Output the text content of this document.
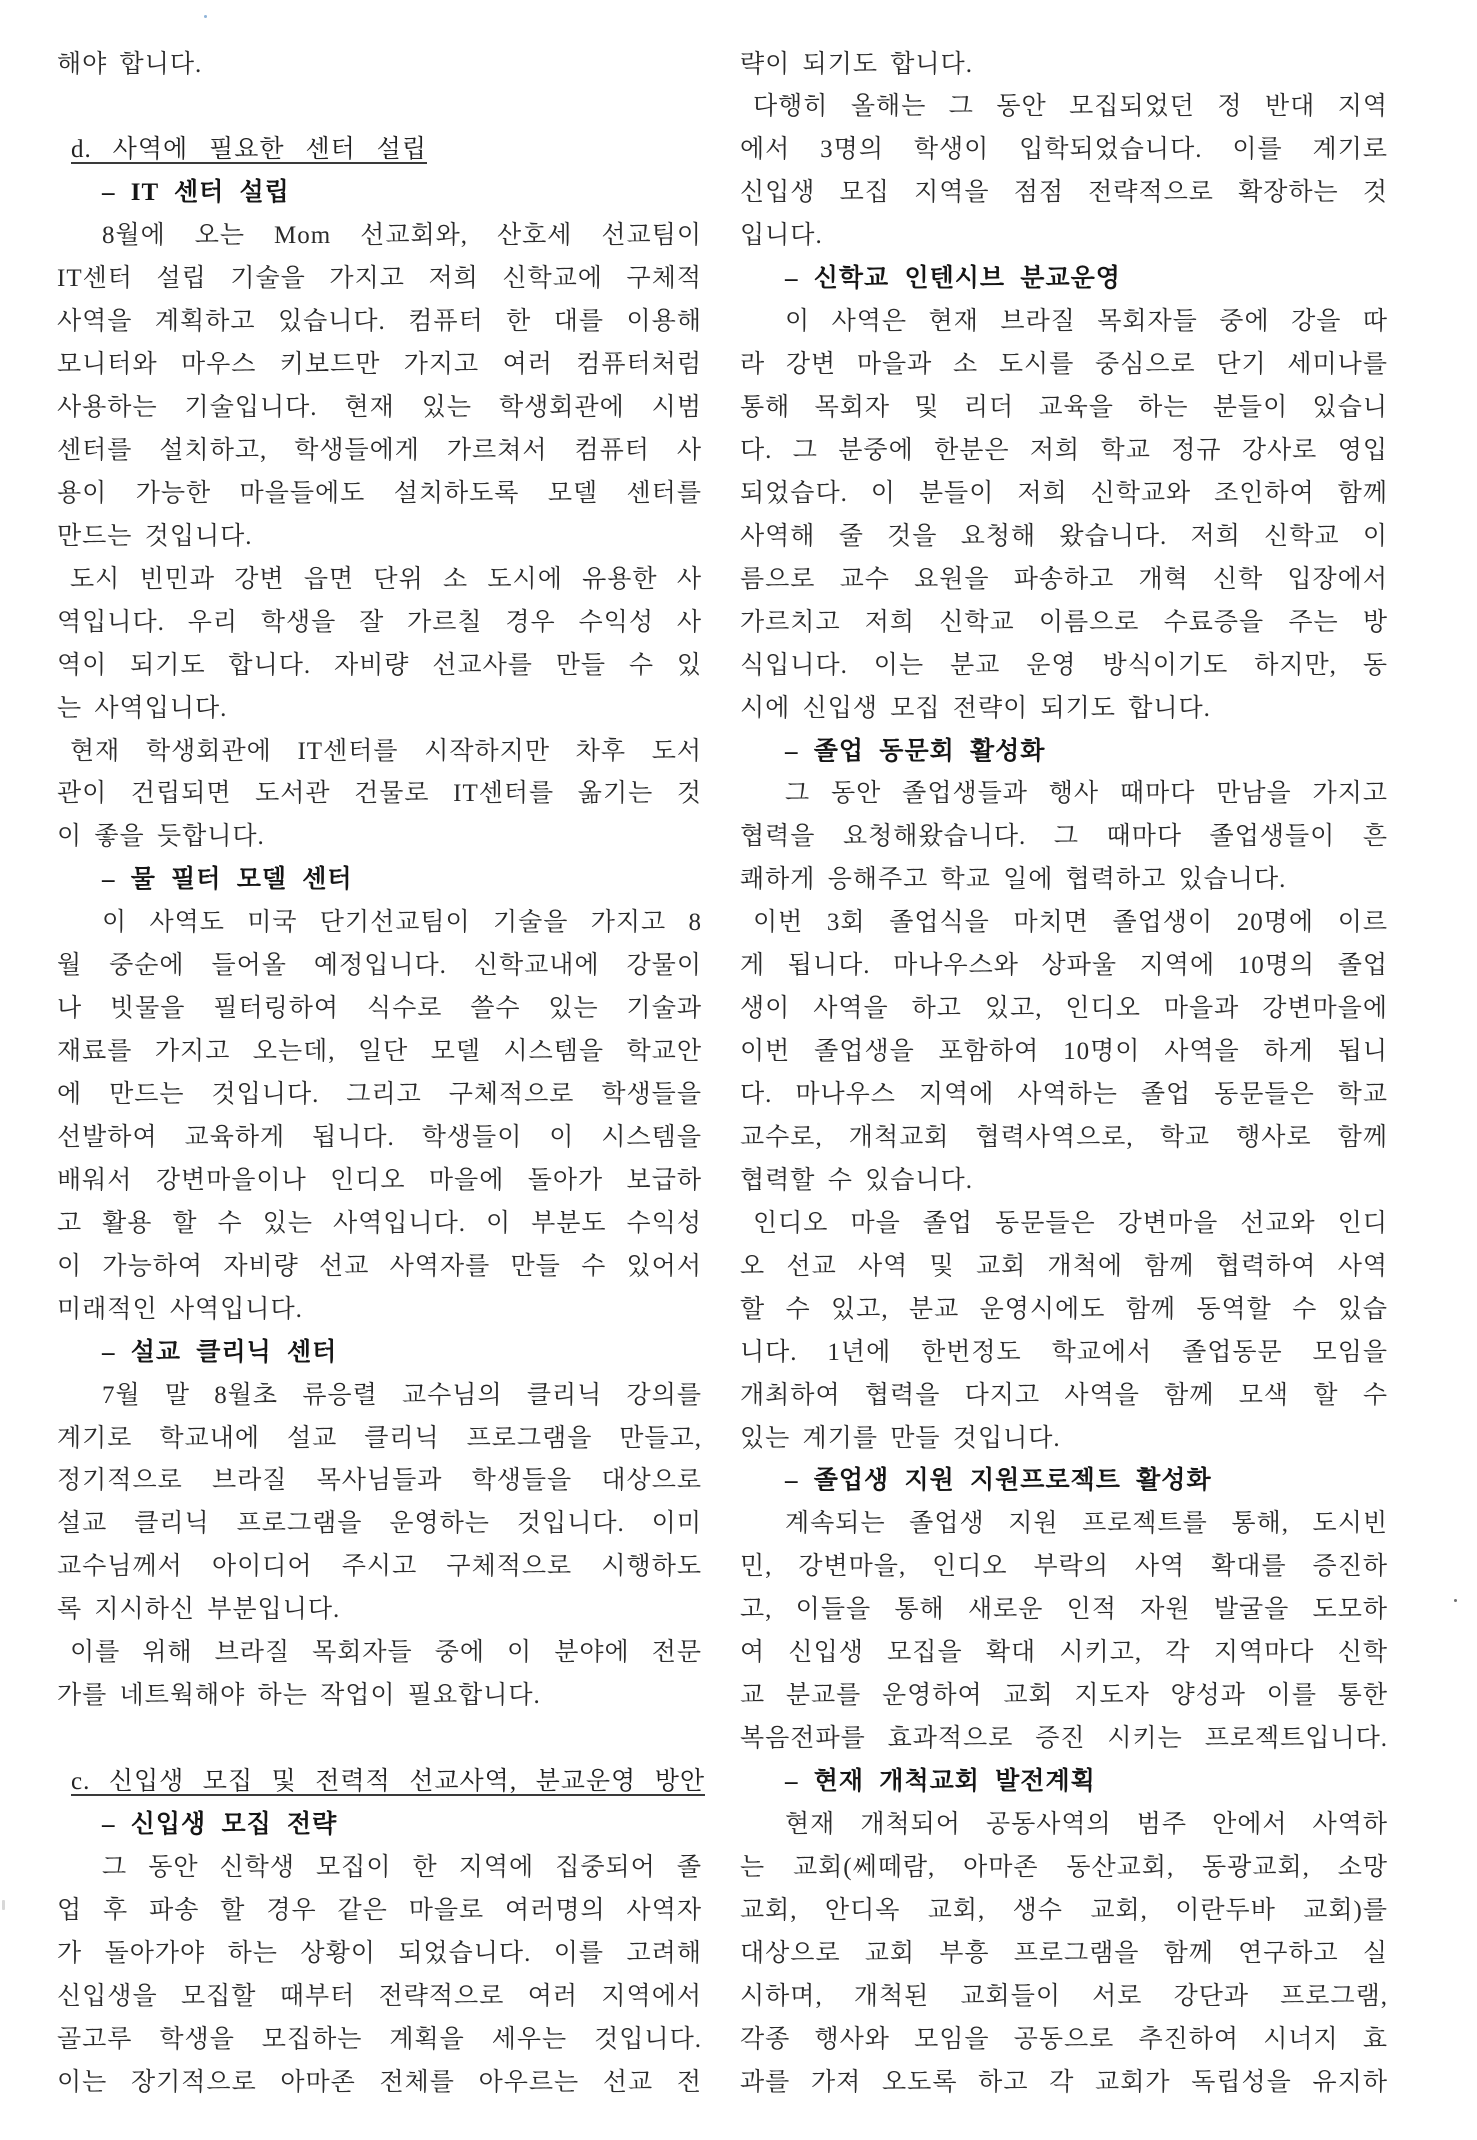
해야 합니다.
d. 사역에 필요한 센터 설립
– IT 센터 설립
8월에 오는 Mom 선교회와, 산호세 선교팀이
IT센터 설립 기술을 가지고 저희 신학교에 구체적
사역을 계획하고 있습니다. 컴퓨터 한 대를 이용해
모니터와 마우스 키보드만 가지고 여러 컴퓨터처럼
사용하는 기술입니다. 현재 있는 학생회관에 시범
센터를 설치하고, 학생들에게 가르쳐서 컴퓨터 사
용이 가능한 마을들에도 설치하도록 모델 센터를
만드는 것입니다.
도시 빈민과 강변 읍면 단위 소 도시에 유용한 사
역입니다. 우리 학생을 잘 가르칠 경우 수익성 사
역이 되기도 합니다. 자비량 선교사를 만들 수 있
는 사역입니다.
현재 학생회관에 IT센터를 시작하지만 차후 도서
관이 건립되면 도서관 건물로 IT센터를 옮기는 것
이 좋을 듯합니다.
– 물 필터 모델 센터
이 사역도 미국 단기선교팀이 기술을 가지고 8
월 중순에 들어올 예정입니다. 신학교내에 강물이
나 빗물을 필터링하여 식수로 쓸수 있는 기술과
재료를 가지고 오는데, 일단 모델 시스템을 학교안
에 만드는 것입니다. 그리고 구체적으로 학생들을
선발하여 교육하게 됩니다. 학생들이 이 시스템을
배워서 강변마을이나 인디오 마을에 돌아가 보급하
고 활용 할 수 있는 사역입니다. 이 부분도 수익성
이 가능하여 자비량 선교 사역자를 만들 수 있어서
미래적인 사역입니다.
– 설교 클리닉 센터
7월 말 8월초 류응렬 교수님의 클리닉 강의를
계기로 학교내에 설교 클리닉 프로그램을 만들고,
정기적으로 브라질 목사님들과 학생들을 대상으로
설교 클리닉 프로그램을 운영하는 것입니다. 이미
교수님께서 아이디어 주시고 구체적으로 시행하도
록 지시하신 부분입니다.
이를 위해 브라질 목회자들 중에 이 분야에 전문
가를 네트웍해야 하는 작업이 필요합니다.
c. 신입생 모집 및 전력적 선교사역, 분교운영 방안
– 신입생 모집 전략
그 동안 신학생 모집이 한 지역에 집중되어 졸
업 후 파송 할 경우 같은 마을로 여러명의 사역자
가 돌아가야 하는 상황이 되었습니다. 이를 고려해
신입생을 모집할 때부터 전략적으로 여러 지역에서
골고루 학생을 모집하는 계획을 세우는 것입니다.
이는 장기적으로 아마존 전체를 아우르는 선교 전
략이 되기도 합니다.
다행히 올해는 그 동안 모집되었던 정 반대 지역
에서 3명의 학생이 입학되었습니다. 이를 계기로
신입생 모집 지역을 점점 전략적으로 확장하는 것
입니다.
– 신학교 인텐시브 분교운영
이 사역은 현재 브라질 목회자들 중에 강을 따
라 강변 마을과 소 도시를 중심으로 단기 세미나를
통해 목회자 및 리더 교육을 하는 분들이 있습니
다. 그 분중에 한분은 저희 학교 정규 강사로 영입
되었습다. 이 분들이 저희 신학교와 조인하여 함께
사역해 줄 것을 요청해 왔습니다. 저희 신학교 이
름으로 교수 요원을 파송하고 개혁 신학 입장에서
가르치고 저희 신학교 이름으로 수료증을 주는 방
식입니다. 이는 분교 운영 방식이기도 하지만, 동
시에 신입생 모집 전략이 되기도 합니다.
– 졸업 동문회 활성화
그 동안 졸업생들과 행사 때마다 만남을 가지고
협력을 요청해왔습니다. 그 때마다 졸업생들이 흔
쾌하게 응해주고 학교 일에 협력하고 있습니다.
이번 3회 졸업식을 마치면 졸업생이 20명에 이르
게 됩니다. 마나우스와 상파울 지역에 10명의 졸업
생이 사역을 하고 있고, 인디오 마을과 강변마을에
이번 졸업생을 포함하여 10명이 사역을 하게 됩니
다. 마나우스 지역에 사역하는 졸업 동문들은 학교
교수로, 개척교회 협력사역으로, 학교 행사로 함께
협력할 수 있습니다.
인디오 마을 졸업 동문들은 강변마을 선교와 인디
오 선교 사역 및 교회 개척에 함께 협력하여 사역
할 수 있고, 분교 운영시에도 함께 동역할 수 있습
니다. 1년에 한번정도 학교에서 졸업동문 모임을
개최하여 협력을 다지고 사역을 함께 모색 할 수
있는 계기를 만들 것입니다.
– 졸업생 지원 지원프로젝트 활성화
계속되는 졸업생 지원 프로젝트를 통해, 도시빈
민, 강변마을, 인디오 부락의 사역 확대를 증진하
고, 이들을 통해 새로운 인적 자원 발굴을 도모하
여 신입생 모집을 확대 시키고, 각 지역마다 신학
교 분교를 운영하여 교회 지도자 양성과 이를 통한
복음전파를 효과적으로 증진 시키는 프로젝트입니다.
– 현재 개척교회 발전계획
현재 개척되어 공동사역의 범주 안에서 사역하
는 교회(쎄떼람, 아마존 동산교회, 동광교회, 소망
교회, 안디옥 교회, 생수 교회, 이란두바 교회)를
대상으로 교회 부흥 프로그램을 함께 연구하고 실
시하며, 개척된 교회들이 서로 강단과 프로그램,
각종 행사와 모임을 공동으로 추진하여 시너지 효
과를 가져 오도록 하고 각 교회가 독립성을 유지하
